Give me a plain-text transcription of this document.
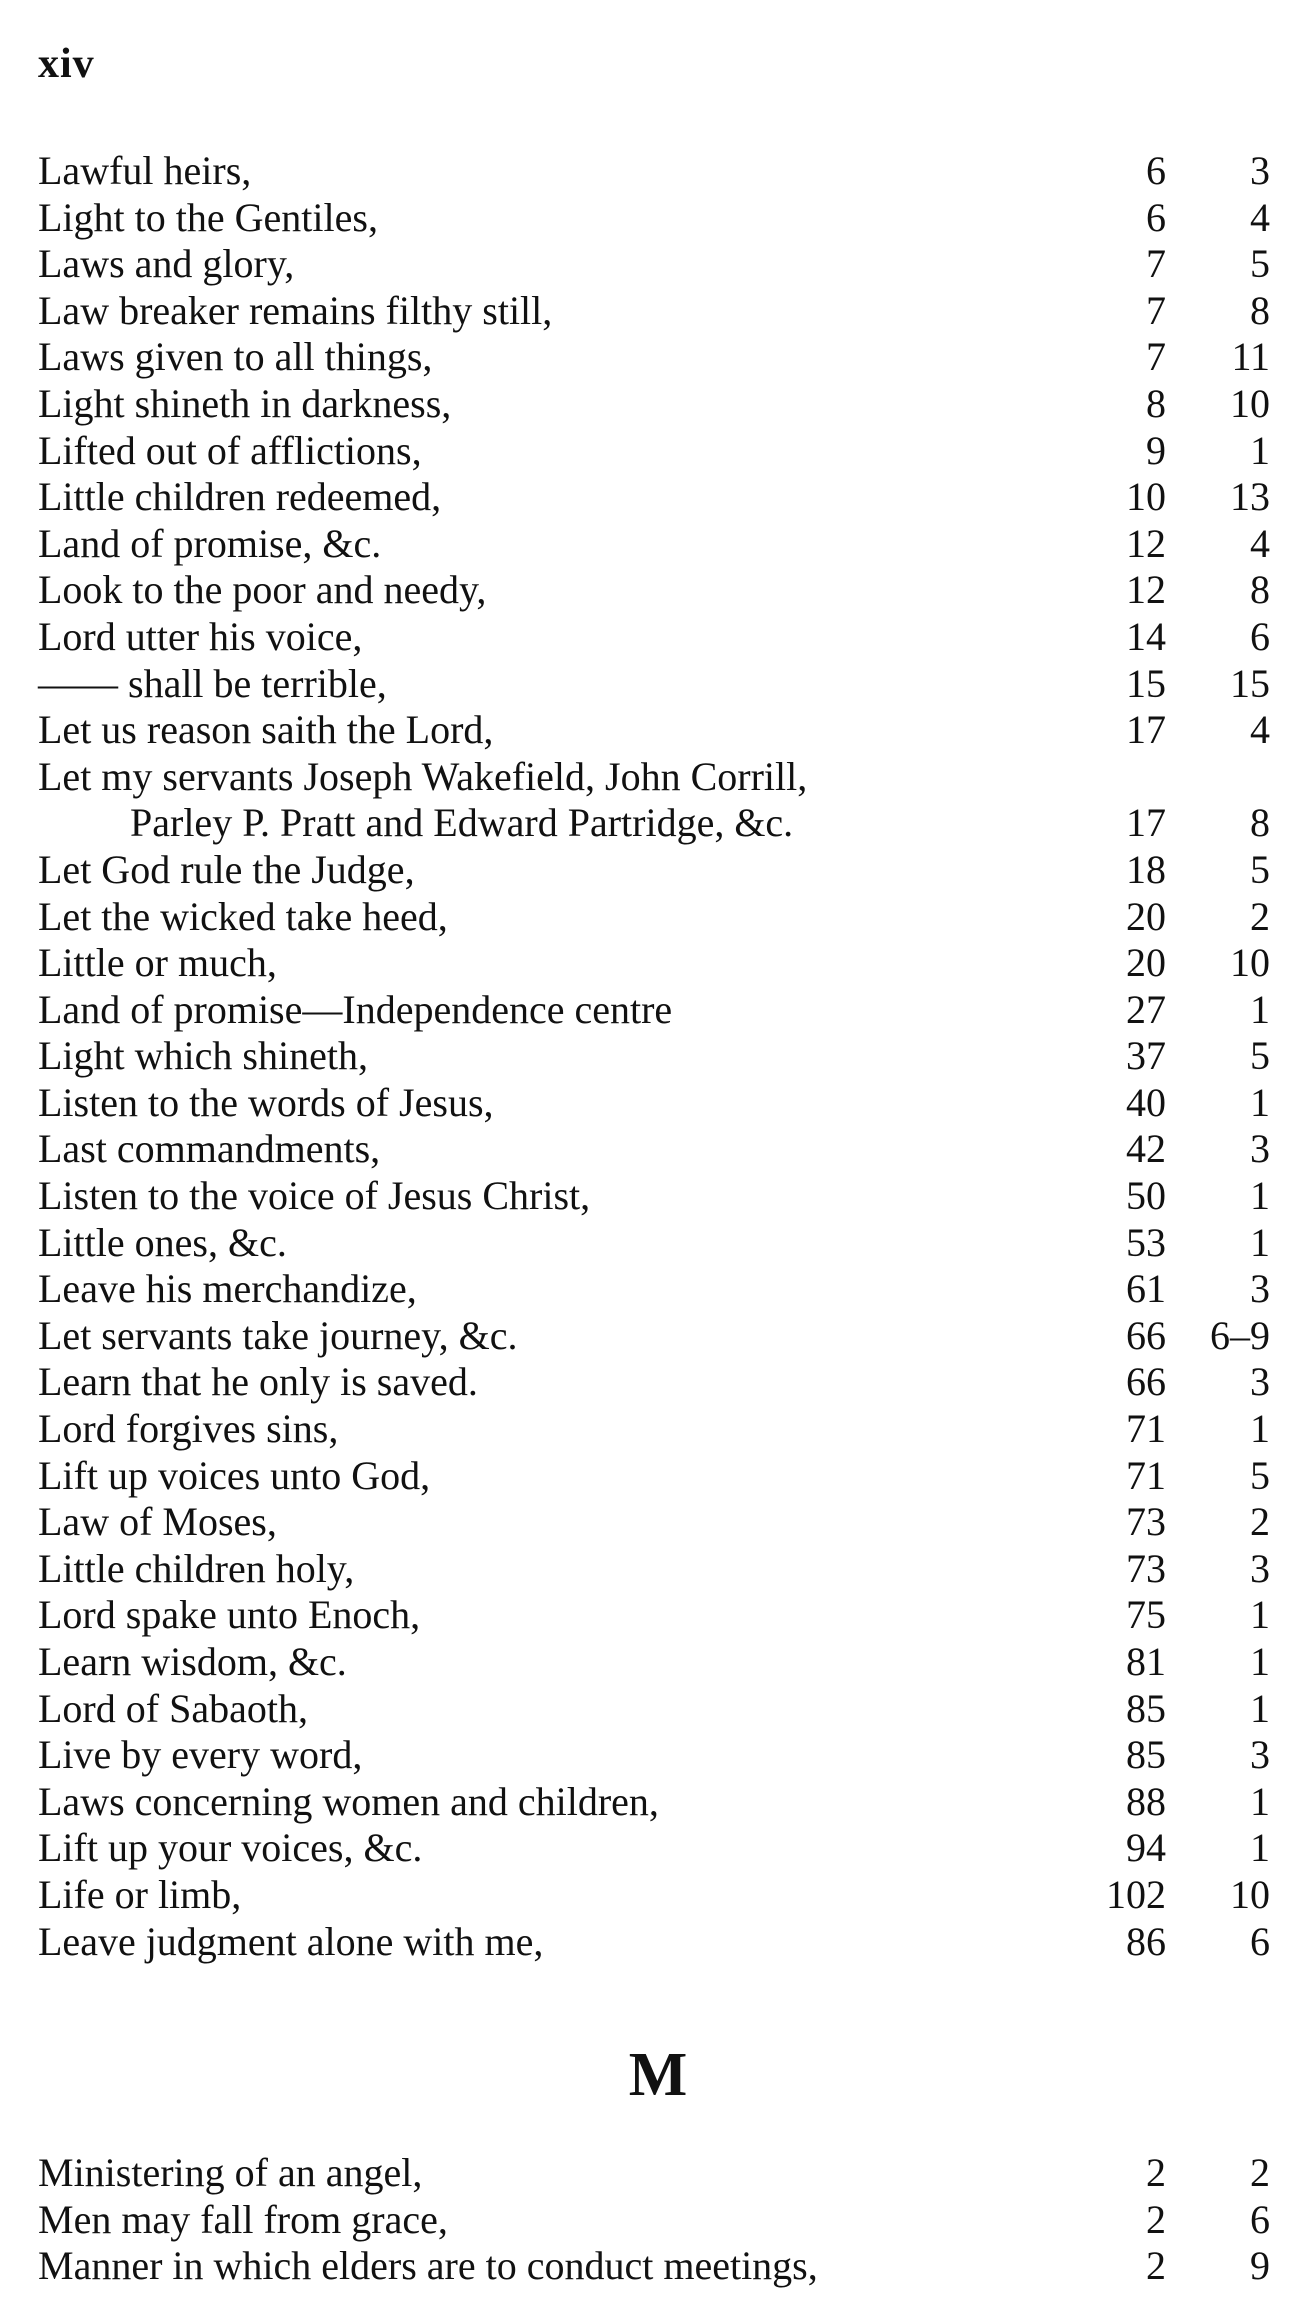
xiv
Lawful heirs,	6	3
Light to the Gentiles,	6	4
Laws and glory,	7	5
Law breaker remains filthy still,	7	8
Laws given to all things,	7	11
Light shineth in darkness,	8	10
Lifted out of afflictions,	9	1
Little children redeemed,	10	13
Land of promise, &c.	12	4
Look to the poor and needy,	12	8
Lord utter his voice,	14	6
—— shall be terrible,	15	15
Let us reason saith the Lord,	17	4
Let my servants Joseph Wakefield, John Corrill,
Parley P. Pratt and Edward Partridge, &c.	17	8
Let God rule the Judge,	18	5
Let the wicked take heed,	20	2
Little or much,	20	10
Land of promise—Independence centre	27	1
Light which shineth,	37	5
Listen to the words of Jesus,	40	1
Last commandments,	42	3
Listen to the voice of Jesus Christ,	50	1
Little ones, &c.	53	1
Leave his merchandize,	61	3
Let servants take journey, &c.	66	6–9
Learn that he only is saved.	66	3
Lord forgives sins,	71	1
Lift up voices unto God,	71	5
Law of Moses,	73	2
Little children holy,	73	3
Lord spake unto Enoch,	75	1
Learn wisdom, &c.	81	1
Lord of Sabaoth,	85	1
Live by every word,	85	3
Laws concerning women and children,	88	1
Lift up your voices, &c.	94	1
Life or limb,	102	10
Leave judgment alone with me,	86	6
M
Ministering of an angel,	2	2
Men may fall from grace,	2	6
Manner in which elders are to conduct meetings,	2	9
